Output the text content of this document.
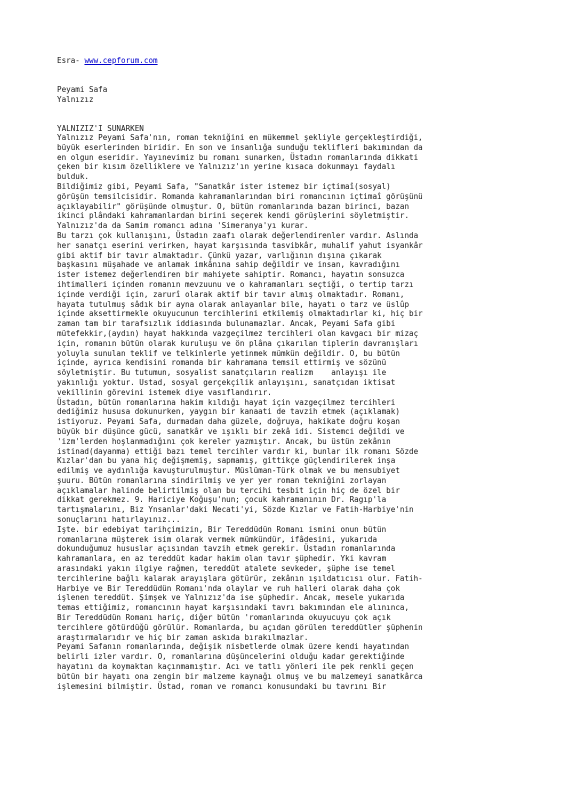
Esra- www.cepforum.com
Peyami Safa
Yalnızız
YALNIZIZ'I SUNARKEN
Yalnızız Peyami Safa'nın, roman tekniğini en mükemmel şekliyle gerçekleştirdiği,
büyük eserlerinden biridir. En son ve insanlığa sunduğu teklifleri bakımından da
en olgun eseridir. Yayınevimiz bu romanı sunarken, Üstadın romanlarında dikkati
çeken bir kısım özelliklere ve Yalnızız'ın yerine kısaca dokunmayı faydalı
bulduk.
Bildiğimiz gibi, Peyami Safa, "Sanatkâr ister istemez bir içtimaî(sosyal)
görüşün temsilcisidir. Romanda kahramanlarından biri romancının içtimaî görüşünü
açıklayabilir" görüşünde olmuştur. O, bütün romanlarında bazan birinci, bazan
ikinci plândaki kahramanlardan birini seçerek kendi görüşlerini söyletmiştir.
Yalnızız'da da Samim romancı adına 'Simeranya'yı kurar.
Bu tarzı çok kullanışını, Üstadın zaafı olarak değerlendirenler vardır. Aslında
her sanatçı eserini verirken, hayat karşısında tasvibkâr, muhalif yahut isyankâr
gibi aktif bir tavır almaktadır. Çünkü yazar, varlığının dışına çıkarak
başkasını müşahade ve anlamak imkânına sahip değildir ve insan, kavradığını
ister istemez değerlendiren bir mahiyete sahiptir. Romancı, hayatın sonsuzca
ihtimalleri içinden romanın mevzuunu ve o kahramanları seçtiği, o tertip tarzı
içinde verdiği için, zarurî olarak aktif bir tavır almış olmaktadır. Romanı,
hayata tutulmuş sâdık bir ayna olarak anlayanlar bile, hayatı o tarz ve üslûp
içinde aksettirmekle okuyucunun tercihlerini etkilemiş olmaktadırlar ki, hiç bir
zaman tam bir tarafsızlık iddiasında bulunamazlar. Ancak, Peyami Safa gibi
mütefekkir,(aydın) hayat hakkında vazgeçilmez tercihleri olan kavgacı bir mizaç
için, romanın bütün olarak kuruluşu ve ön plâna çıkarılan tiplerin davranışları
yoluyla sunulan teklif ve telkinlerle yetinmek mümkün değildir. O, bu bütün
içinde, ayrıca kendisini romanda bir kahramana temsil ettirmiş ve sözünü
söyletmiştir. Bu tutumun, sosyalist sanatçıların realizm    anlayışı ile
yakınlığı yoktur. Ustad, sosyal gerçekçilik anlayışını, sanatçıdan iktisat
vekillinin görevini istemek diye vasıflandırır.
Üstadın, bütün romanlarına hakim kıldığı hayat için vazgeçilmez tercihleri
dediğimiz hususa dokunurken, yaygın bir kanaati de tavzih etmek (açıklamak)
istiyoruz. Peyami Safa, durmadan daha güzele, doğruya, hakikate doğru koşan
büyük bir düşünce gücü, sanatkâr ve ışıklı bir zekâ idi. Sistemci değildi ve
'izm'lerden hoşlanmadığını çok kereler yazmıştır. Ancak, bu üstün zekânın
istinad(dayanma) ettiği bazı temel tercihler vardır ki, bunlar ilk romanı Sözde
Kızlar'dan bu yana hiç değişmemiş, sapmamış, gittikçe güçlendirilerek inşa
edilmiş ve aydınlığa kavuşturulmuştur. Müslüman-Türk olmak ve bu mensubiyet
şuuru. Bütün romanlarına sindirilmiş ve yer yer roman tekniğini zorlayan
açıklamalar halinde belirtilmiş olan bu tercihi tesbit için hiç de özel bir
dikkat gerekmez. 9. Hariciye Koğuşu'nun; çocuk kahramanının Dr. Ragıp'la
tartışmalarını, Biz Ynsanlar'daki Necati'yi, Sözde Kızlar ve Fatih-Harbiye'nin
sonuçlarını hatırlayınız...
Işte. bir edebiyat tarihçimizin, Bir Tereddüdün Romanı ismini onun bütün
romanlarına müşterek isim olarak vermek mümkündür, ifâdesini, yukarıda
dokunduğumuz hususlar açısından tavzih etmek gerekir. Üstadın romanlarında
kahramanlara, en az tereddüt kadar hakim olan tavır şüphedir. Yki kavram
arasındaki yakın ilgiye rağmen, tereddüt atalete sevkeder, şüphe ise temel
tercihlerine bağlı kalarak arayışlara götürür, zekânın ışıldatıcısı olur. Fatih-
Harbiye ve Bir Tereddüdün Romanı'nda olaylar ve ruh halleri olarak daha çok
işlenen tereddüt. Şimşek ve Yalnızız'da ise şüphedir. Ancak, mesele yukarıda
temas ettiğimiz, romancının hayat karşısındaki tavrı bakımından ele alınınca,
Bir Tereddüdün Romanı hariç, diğer bütün 'romanlarında okuyucuyu çok açık
tercihlere götürdüğü görülür. Romanlarda, bu açıdan görülen tereddütler şüphenin
araştırmalarıdır ve hiç bir zaman askıda bırakılmazlar.
Peyami Safanın romanlarında, değişik nisbetlerde olmak üzere kendi hayatından
belirli izler vardır. O, romanlarına düşüncelerini olduğu kadar gerektiğinde
hayatını da koymaktan kaçınmamıştır. Acı ve tatlı yönleri ile pek renkli geçen
bütün bir hayatı ona zengin bir malzeme kaynağı olmuş ve bu malzemeyi sanatkârca
işlemesini bilmiştir. Üstad, roman ve romancı konusundaki bu tavrını Bir
